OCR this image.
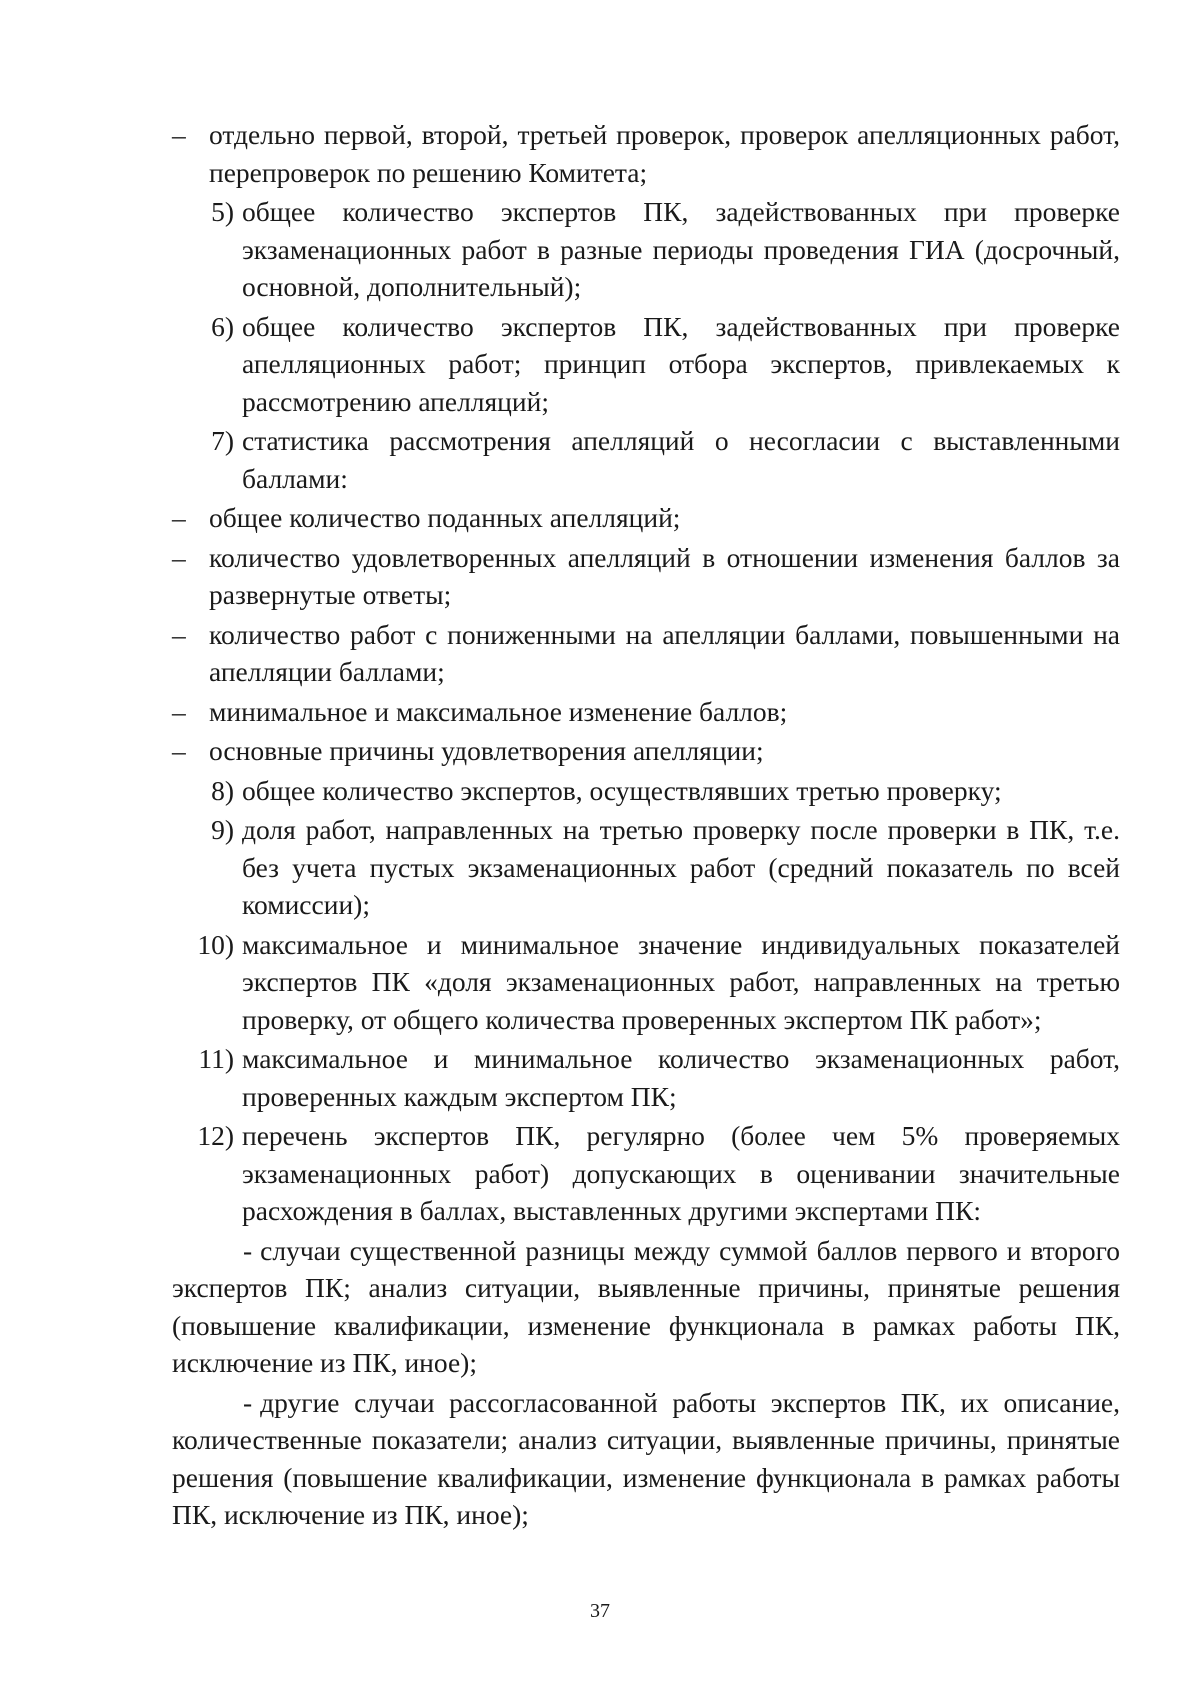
– отдельно первой, второй, третьей проверок, проверок апелляционных работ, перепроверок по решению Комитета;
5) общее количество экспертов ПК, задействованных при проверке экзаменационных работ в разные периоды проведения ГИА (досрочный, основной, дополнительный);
6) общее количество экспертов ПК, задействованных при проверке апелляционных работ; принцип отбора экспертов, привлекаемых к рассмотрению апелляций;
7) статистика рассмотрения апелляций о несогласии с выставленными баллами:
– общее количество поданных апелляций;
– количество удовлетворенных апелляций в отношении изменения баллов за развернутые ответы;
– количество работ с пониженными на апелляции баллами, повышенными на апелляции баллами;
– минимальное и максимальное изменение баллов;
– основные причины удовлетворения апелляции;
8) общее количество экспертов, осуществлявших третью проверку;
9) доля работ, направленных на третью проверку после проверки в ПК, т.е. без учета пустых экзаменационных работ (средний показатель по всей комиссии);
10) максимальное и минимальное значение индивидуальных показателей экспертов ПК «доля экзаменационных работ, направленных на третью проверку, от общего количества проверенных экспертом ПК работ»;
11) максимальное и минимальное количество экзаменационных работ, проверенных каждым экспертом ПК;
12) перечень экспертов ПК, регулярно (более чем 5% проверяемых экзаменационных работ) допускающих в оценивании значительные расхождения в баллах, выставленных другими экспертами ПК:
- случаи существенной разницы между суммой баллов первого и второго экспертов ПК; анализ ситуации, выявленные причины, принятые решения (повышение квалификации, изменение функционала в рамках работы ПК, исключение из ПК, иное);
- другие случаи рассогласованной работы экспертов ПК, их описание, количественные показатели; анализ ситуации, выявленные причины, принятые решения (повышение квалификации, изменение функционала в рамках работы ПК, исключение из ПК, иное);
37
